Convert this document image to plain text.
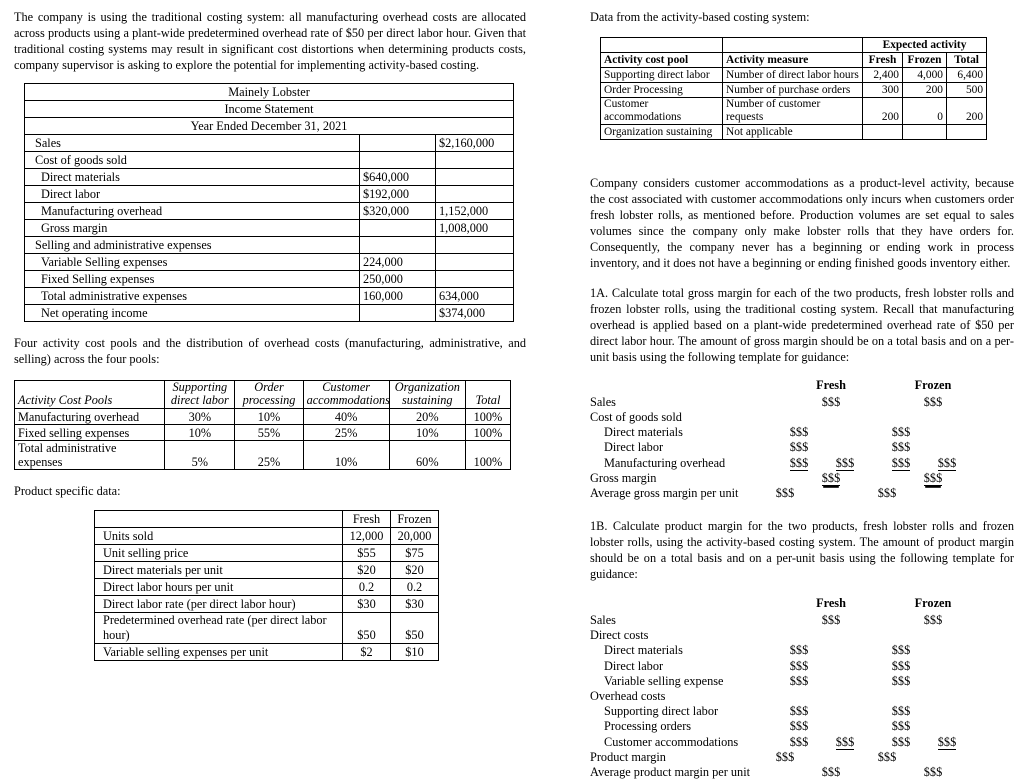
The company is using the traditional costing system: all manufacturing overhead costs are allocated across products using a plant-wide predetermined overhead rate of $50 per direct labor hour. Given that traditional costing systems may result in significant cost distortions when determining products costs, company supervisor is asking to explore the potential for implementing activity-based costing.

Mainely Lobster		
Income Statement		
Year Ended December 31, 2021		
Sales		$2,160,000
Cost of goods sold		
Direct materials	$640,000	
Direct labor	$192,000	
Manufacturing overhead	$320,000	1,152,000
Gross margin		1,008,000
Selling and administrative expenses		
Variable Selling expenses	224,000	
Fixed Selling expenses	250,000	
Total administrative expenses	160,000	634,000
Net operating income		$374,000

Four activity cost pools and the distribution of overhead costs (manufacturing, administrative, and selling) across the four pools:

Activity Cost Pools	Supporting direct labor	Order processing	Customer accommodations	Organization sustaining	Total
Manufacturing overhead	30%	10%	40%	20%	100%
Fixed selling expenses	10%	55%	25%	10%	100%
Total administrative expenses	5%	25%	10%	60%	100%

Product specific data:

	Fresh	Frozen
Units sold	12,000	20,000
Unit selling price	$55	$75
Direct materials per unit	$20	$20
Direct labor hours per unit	0.2	0.2
Direct labor rate (per direct labor hour)	$30	$30
Predetermined overhead rate (per direct labor hour)	$50	$50
Variable selling expenses per unit	$2	$10

Data from the activity-based costing system:

		Expected activity		
Activity cost pool	Activity measure	Fresh	Frozen	Total
Supporting direct labor	Number of direct labor hours	2,400	4,000	6,400
Order Processing	Number of purchase orders	300	200	500
Customer accommodations	Number of customer requests	200	0	200
Organization sustaining	Not applicable			

Company considers customer accommodations as a product-level activity, because the cost associated with customer accommodations only incurs when customers order fresh lobster rolls, as mentioned before. Production volumes are set equal to sales volumes since the company only make lobster rolls that they have orders for. Consequently, the company never has a beginning or ending work in process inventory, and it does not have a beginning or ending finished goods inventory either.

1A. Calculate total gross margin for each of the two products, fresh lobster rolls and frozen lobster rolls, using the traditional costing system. Recall that manufacturing overhead is applied based on a plant-wide predetermined overhead rate of $50 per direct labor hour. The amount of gross margin should be on a total basis and on a per-unit basis using the following template for guidance:

Fresh	Frozen
Sales	$$$	$$$
Cost of goods sold
Direct materials	$$$	$$$
Direct labor	$$$	$$$
Manufacturing overhead	$$$	$$$	$$$	$$$
Gross margin	$$$	$$$
Average gross margin per unit	$$$	$$$

1B. Calculate product margin for the two products, fresh lobster rolls and frozen lobster rolls, using the activity-based costing system. The amount of product margin should be on a total basis and on a per-unit basis using the following template for guidance:

Fresh	Frozen
Sales	$$$	$$$
Direct costs
Direct materials	$$$	$$$
Direct labor	$$$	$$$
Variable selling expense	$$$	$$$
Overhead costs
Supporting direct labor	$$$	$$$
Processing orders	$$$	$$$
Customer accommodations	$$$	$$$	$$$	$$$
Product margin	$$$	$$$
Average product margin per unit	$$$	$$$
